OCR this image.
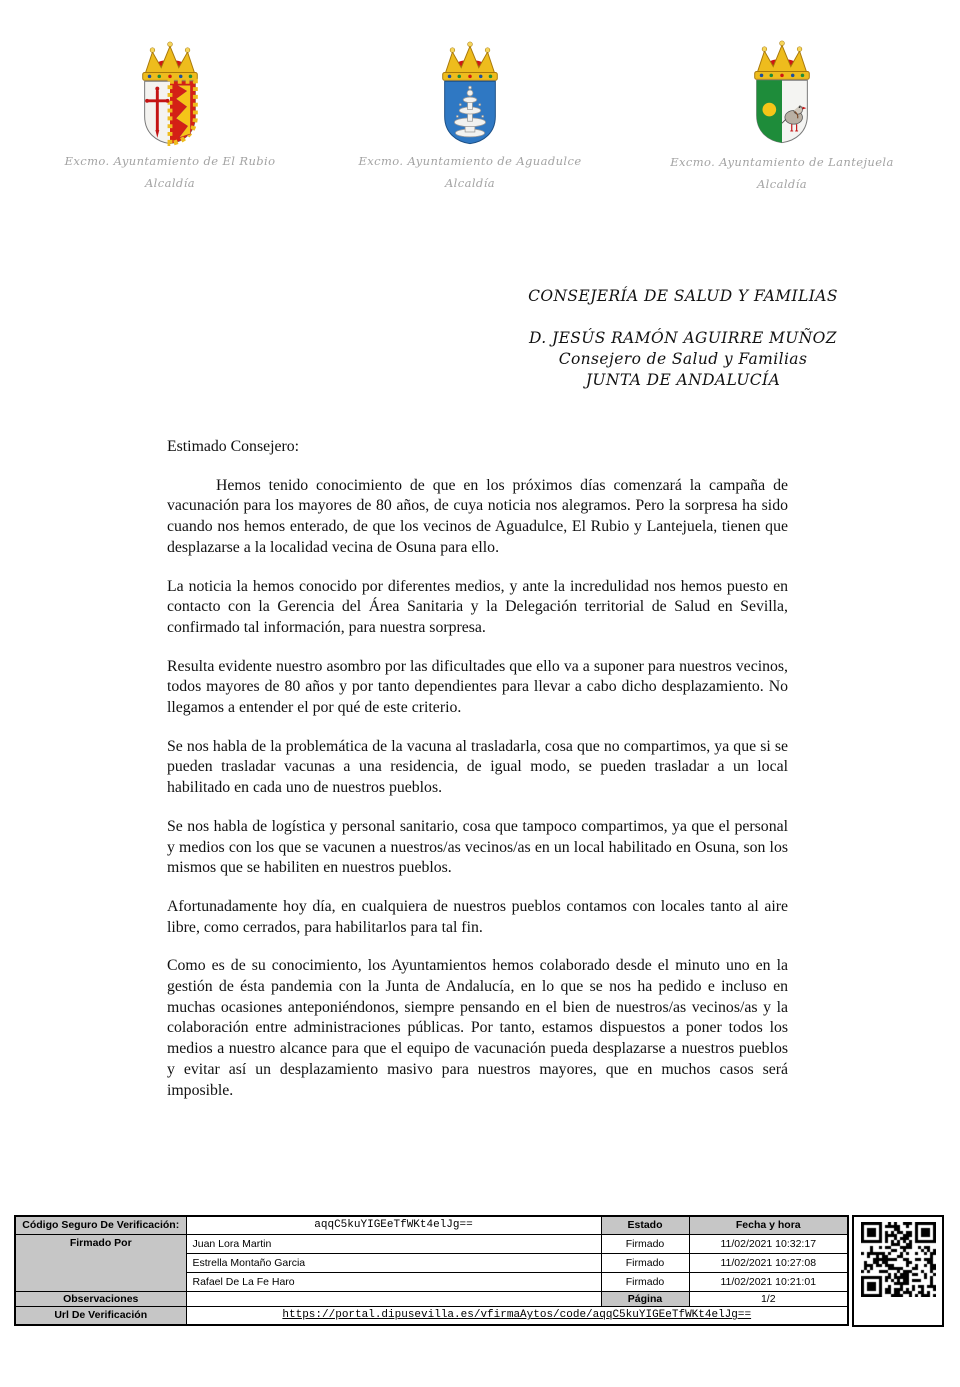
Excmo. Ayuntamiento de El Rubio
Alcaldía
Excmo. Ayuntamiento de Aguadulce
Alcaldía
Excmo. Ayuntamiento de Lantejuela
Alcaldía
CONSEJERÍA DE SALUD Y FAMILIAS
D. JESÚS RAMÓN AGUIRRE MUÑOZ
Consejero de Salud y Familias
JUNTA DE ANDALUCÍA

Estimado Consejero:

Hemos tenido conocimiento de que en los próximos días comenzará la campaña de vacunación para los mayores de 80 años, de cuya noticia nos alegramos. Pero la sorpresa ha sido cuando nos hemos enterado, de que los vecinos de Aguadulce, El Rubio y Lantejuela, tienen que desplazarse a la localidad vecina de Osuna para ello.

La noticia la hemos conocido por diferentes medios, y ante la incredulidad nos hemos puesto en contacto con la Gerencia del Área Sanitaria y la Delegación territorial de Salud en Sevilla, confirmado tal información, para nuestra sorpresa.

Resulta evidente nuestro asombro por las dificultades que ello va a suponer para nuestros vecinos, todos mayores de 80 años y por tanto dependientes para llevar a cabo dicho desplazamiento. No llegamos a entender el por qué de este criterio.

Se nos habla de la problemática de la vacuna al trasladarla, cosa que no compartimos, ya que si se pueden trasladar vacunas a una residencia, de igual modo, se pueden trasladar a un local habilitado en cada uno de nuestros pueblos.

Se nos habla de logística y personal sanitario, cosa que tampoco compartimos, ya que el personal y medios con los que se vacunen a nuestros/as vecinos/as en un local habilitado en Osuna, son los mismos que se habiliten en nuestros pueblos.

Afortunadamente hoy día, en cualquiera de nuestros pueblos contamos con locales tanto al aire libre, como cerrados, para habilitarlos para tal fin.

Como es de su conocimiento, los Ayuntamientos hemos colaborado desde el minuto uno en la gestión de ésta pandemia con la Junta de Andalucía, en lo que se nos ha pedido e incluso en muchas ocasiones anteponiéndonos, siempre pensando en el bien de nuestros/as vecinos/as y la colaboración entre administraciones públicas. Por tanto, estamos dispuestos a poner todos los medios a nuestro alcance para que el equipo de vacunación pueda desplazarse a nuestros pueblos y evitar así un desplazamiento masivo para nuestros mayores, que en muchos casos será imposible.

Código Seguro De Verificación:	aqqC5kuYIGEeTfWKt4elJg==	Estado	Fecha y hora
Firmado Por	Juan Lora Martin	Firmado	11/02/2021 10:32:17
	Estrella Montaño Garcia	Firmado	11/02/2021 10:27:08
	Rafael De La Fe Haro	Firmado	11/02/2021 10:21:01
Observaciones		Página	1/2
Url De Verificación	https://portal.dipusevilla.es/vfirmaAytos/code/aqqC5kuYIGEeTfWKt4elJg==		
